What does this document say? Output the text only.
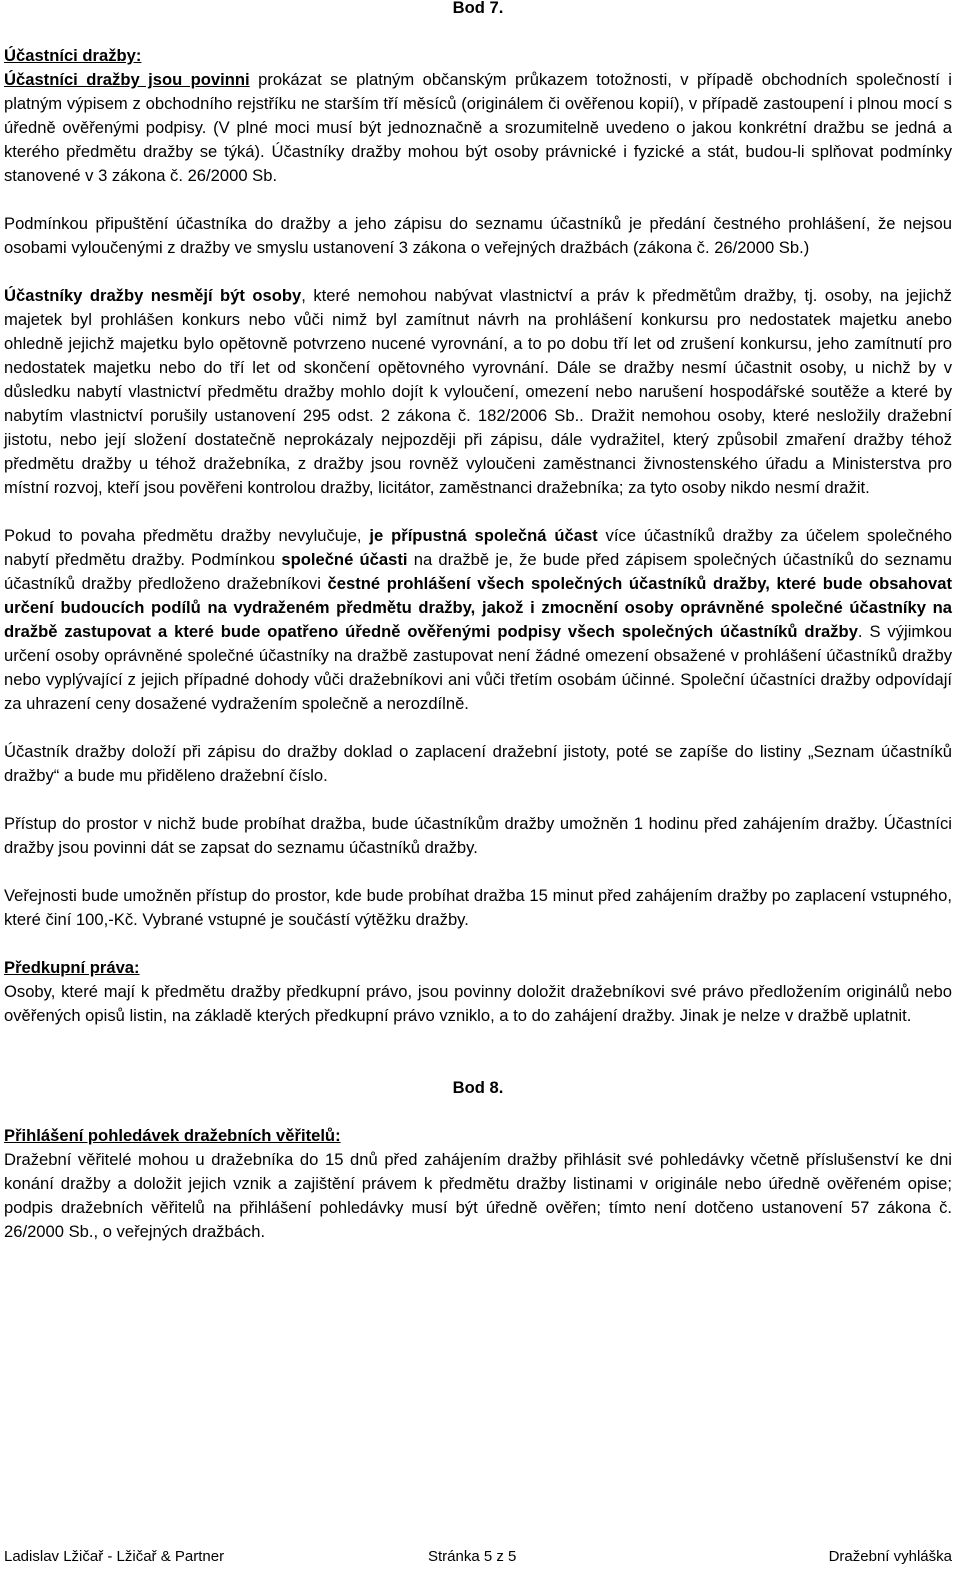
Bod 7.
Účastníci dražby:

Účastníci dražby jsou povinni prokázat se platným občanským průkazem totožnosti, v případě obchodních společností i platným výpisem z obchodního rejstříku ne starším tří měsíců (originálem či ověřenou kopií), v případě zastoupení i plnou mocí s úředně ověřenými podpisy. (V plné moci musí být jednoznačně a srozumitelně uvedeno o jakou konkrétní dražbu se jedná a kterého předmětu dražby se týká). Účastníky dražby mohou být osoby právnické i fyzické a stát, budou-li splňovat podmínky stanovené v 3 zákona č. 26/2000 Sb.

Podmínkou připuštění účastníka do dražby a jeho zápisu do seznamu účastníků je předání čestného prohlášení, že nejsou osobami vyloučenými z dražby ve smyslu ustanovení 3 zákona o veřejných dražbách (zákona č. 26/2000 Sb.)

Účastníky dražby nesmějí být osoby, které nemohou nabývat vlastnictví a práv k předmětům dražby, tj. osoby, na jejichž majetek byl prohlášen konkurs nebo vůči nimž byl zamítnut návrh na prohlášení konkursu pro nedostatek majetku anebo ohledně jejichž majetku bylo opětovně potvrzeno nucené vyrovnání, a to po dobu tří let od zrušení konkursu, jeho zamítnutí pro nedostatek majetku nebo do tří let od skončení opětovného vyrovnání. Dále se dražby nesmí účastnit osoby, u nichž by v důsledku nabytí vlastnictví předmětu dražby mohlo dojít k vyloučení, omezení nebo narušení hospodářské soutěže a které by nabytím vlastnictví porušily ustanovení 295 odst. 2 zákona č. 182/2006 Sb.. Dražit nemohou osoby, které nesložily dražební jistotu, nebo její složení dostatečně neprokázaly nejpozději při zápisu, dále vydražitel, který způsobil zmaření dražby téhož předmětu dražby u téhož dražebníka, z dražby jsou rovněž vyloučeni zaměstnanci živnostenského úřadu a Ministerstva pro místní rozvoj, kteří jsou pověřeni kontrolou dražby, licitátor, zaměstnanci dražebníka; za tyto osoby nikdo nesmí dražit.

Pokud to povaha předmětu dražby nevylučuje, je přípustná společná účast více účastníků dražby za účelem společného nabytí předmětu dražby. Podmínkou společné účasti na dražbě je, že bude před zápisem společných účastníků do seznamu účastníků dražby předloženo dražebníkovi čestné prohlášení všech společných účastníků dražby, které bude obsahovat určení budoucích podílů na vydraženém předmětu dražby, jakož i zmocnění osoby oprávněné společné účastníky na dražbě zastupovat a které bude opatřeno úředně ověřenými podpisy všech společných účastníků dražby. S výjimkou určení osoby oprávněné společné účastníky na dražbě zastupovat není žádné omezení obsažené v prohlášení účastníků dražby nebo vyplývající z jejich případné dohody vůči dražebníkovi ani vůči třetím osobám účinné. Společní účastníci dražby odpovídají za uhrazení ceny dosažené vydražením společně a nerozdílně.

Účastník dražby doloží při zápisu do dražby doklad o zaplacení dražební jistoty, poté se zapíše do listiny „Seznam účastníků dražby“ a bude mu přiděleno dražební číslo.

Přístup do prostor v nichž bude probíhat dražba, bude účastníkům dražby umožněn 1 hodinu před zahájením dražby. Účastníci dražby jsou povinni dát se zapsat do seznamu účastníků dražby.

Veřejnosti bude umožněn přístup do prostor, kde bude probíhat dražba 15 minut před zahájením dražby po zaplacení vstupného, které činí 100,-Kč. Vybrané vstupné je součástí výtěžku dražby.

Předkupní práva:

Osoby, které mají k předmětu dražby předkupní právo, jsou povinny doložit dražebníkovi své právo předložením originálů nebo ověřených opisů listin, na základě kterých předkupní právo vzniklo, a to do zahájení dražby. Jinak je nelze v dražbě uplatnit.

Bod 8.
Přihlášení pohledávek dražebních věřitelů:

Dražební věřitelé mohou u dražebníka do 15 dnů před zahájením dražby přihlásit své pohledávky včetně příslušenství ke dni konání dražby a doložit jejich vznik a zajištění právem k předmětu dražby listinami v originále nebo úředně ověřeném opise; podpis dražebních věřitelů na přihlášení pohledávky musí být úředně ověřen; tímto není dotčeno ustanovení 57 zákona č. 26/2000 Sb., o veřejných dražbách.

Ladislav Lžičař - Lžičař & Partner	Stránka 5 z 5	Dražební vyhláška
